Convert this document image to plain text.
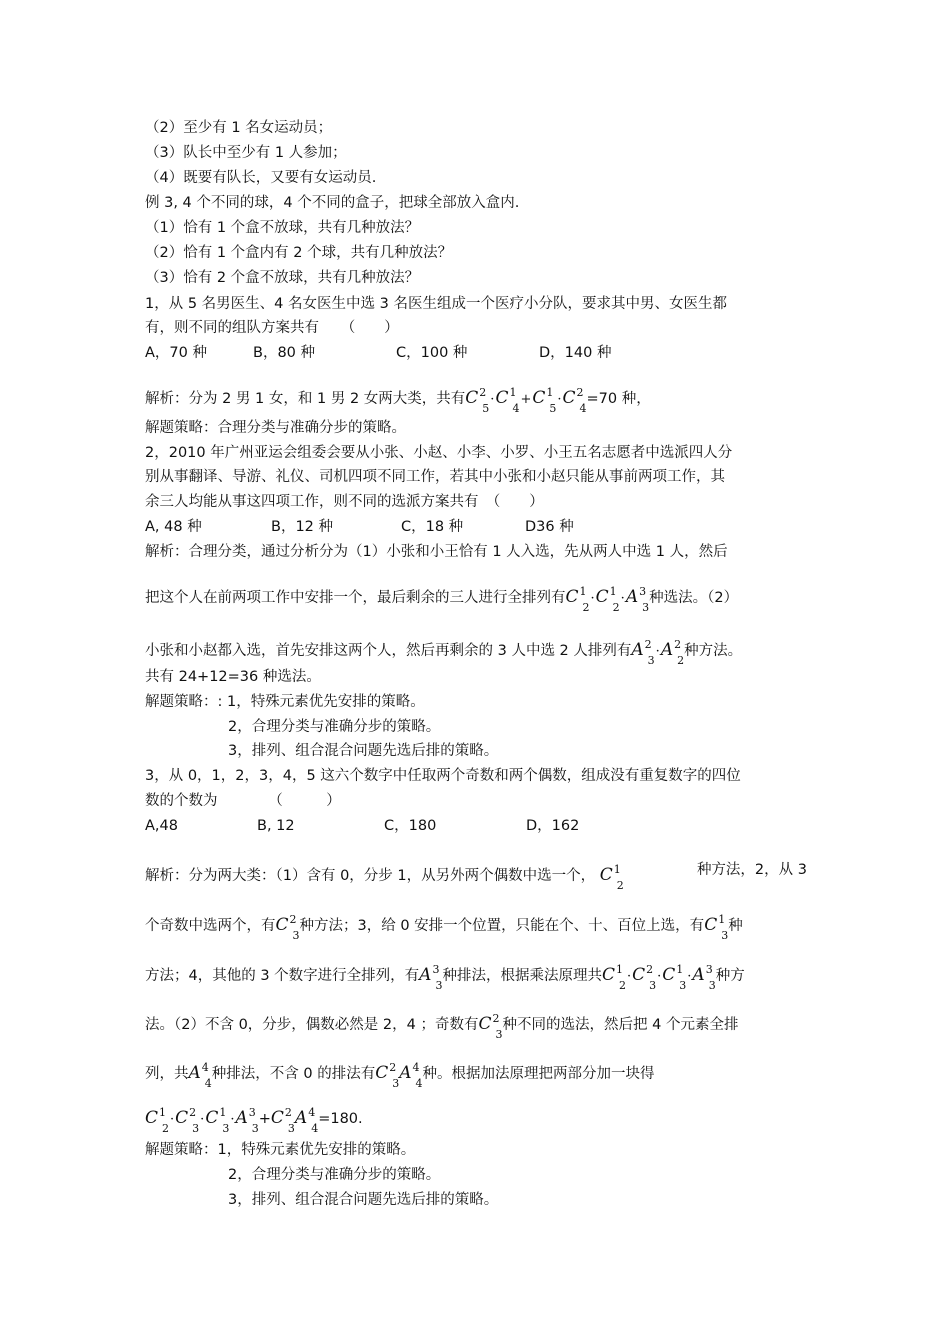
（2）至少有 1 名女运动员；
（3）队长中至少有 1 人参加；
（4）既要有队长，又要有女运动员.
例 3, 4 个不同的球，4 个不同的盒子，把球全部放入盒内.
（1）恰有 1 个盒不放球，共有几种放法？
（2）恰有 1 个盒内有 2 个球，共有几种放法？
（3）恰有 2 个盒不放球，共有几种放法？
1，从 5 名男医生、4 名女医生中选 3 名医生组成一个医疗小分队，要求其中男、女医生都
有，则不同的组队方案共有　　（　　）
A，70 种	B，80 种	C，100 种	D，140 种
解析：分为 2 男 1 女，和 1 男 2 女两大类，共有$C^2_5\cdot C^1_4+C^1_5\cdot C^2_4=70$ 种，
解题策略：合理分类与准确分步的策略。
2，2010 年广州亚运会组委会要从小张、小赵、小李、小罗、小王五名志愿者中选派四人分
别从事翻译、导游、礼仪、司机四项不同工作，若其中小张和小赵只能从事前两项工作，其
余三人均能从事这四项工作，则不同的选派方案共有　（　　）
A, 48 种	B，12 种	C，18 种	D36 种
解析：合理分类，通过分析分为（1）小张和小王恰有 1 人入选，先从两人中选 1 人，然后
把这个人在前两项工作中安排一个，最后剩余的三人进行全排列有$C^1_2\cdot C^1_2\cdot A^3_3$种选法。（2）
小张和小赵都入选，首先安排这两个人，然后再剩余的 3 人中选 2 人排列有$A^2_3\cdot A^2_2$种方法。
共有 24+12=36 种选法。
解题策略：: 1，特殊元素优先安排的策略。
2，合理分类与准确分步的策略。
3，排列、组合混合问题先选后排的策略。
3，从 0，1，2，3，4，5 这六个数字中任取两个奇数和两个偶数，组成没有重复数字的四位
数的个数为　　　　（　　　）
A,48	B, 12	C，180	D，162
解析：分为两大类：（1）含有 0，分步 1，从另外两个偶数中选一个， $C^1_2$
种方法，2，从 3
个奇数中选两个，有$C^2_3$种方法；3，给 0 安排一个位置，只能在个、十、百位上选，有$C^1_3$种
方法；4，其他的 3 个数字进行全排列，有$A^3_3$种排法，根据乘法原理共$C^1_2\cdot C^2_3\cdot C^1_3\cdot A^3_3$种方
法。（2）不含 0，分步，偶数必然是 2，4 ；奇数有$C^2_3$种不同的选法，然后把 4 个元素全排
列，共$A^4_4$种排法，不含 0 的排法有$C^2_3A^4_4$种。根据加法原理把两部分加一块得
$C^1_2\cdot C^2_3\cdot C^1_3\cdot A^3_3+C^2_3A^4_4=180$.
解题策略：1，特殊元素优先安排的策略。
2，合理分类与准确分步的策略。
3，排列、组合混合问题先选后排的策略。
